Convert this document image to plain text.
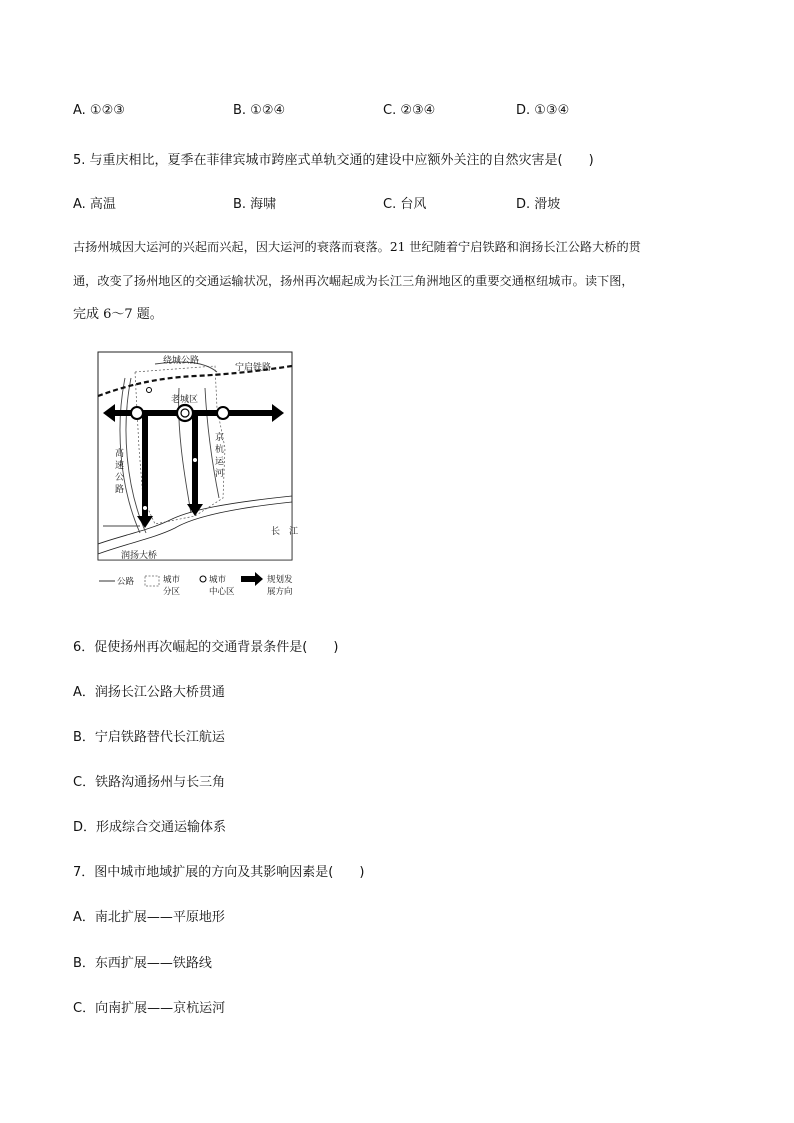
A. ①②③	B. ①②④	C. ②③④	D. ①③④
5. 与重庆相比，夏季在菲律宾城市跨座式单轨交通的建设中应额外关注的自然灾害是(　　)
A. 高温	B. 海啸	C. 台风	D. 滑坡

古扬州城因大运河的兴起而兴起，因大运河的衰落而衰落。21 世纪随着宁启铁路和润扬长江公路大桥的贯

通，改变了扬州地区的交通运输状况，扬州再次崛起成为长江三角洲地区的重要交通枢纽城市。读下图，

完成 6～7 题。

绕城公路
宁启铁路
老城区
长　江
润扬大桥
京
杭
运
河
高
速
公
路
公路	城市
分区
城市
中心区
规划发
展方向
6．促使扬州再次崛起的交通背景条件是(　　)
A．润扬长江公路大桥贯通
B．宁启铁路替代长江航运
C．铁路沟通扬州与长三角
D．形成综合交通运输体系
7．图中城市地域扩展的方向及其影响因素是(　　)
A．南北扩展——平原地形
B．东西扩展——铁路线
C．向南扩展——京杭运河
